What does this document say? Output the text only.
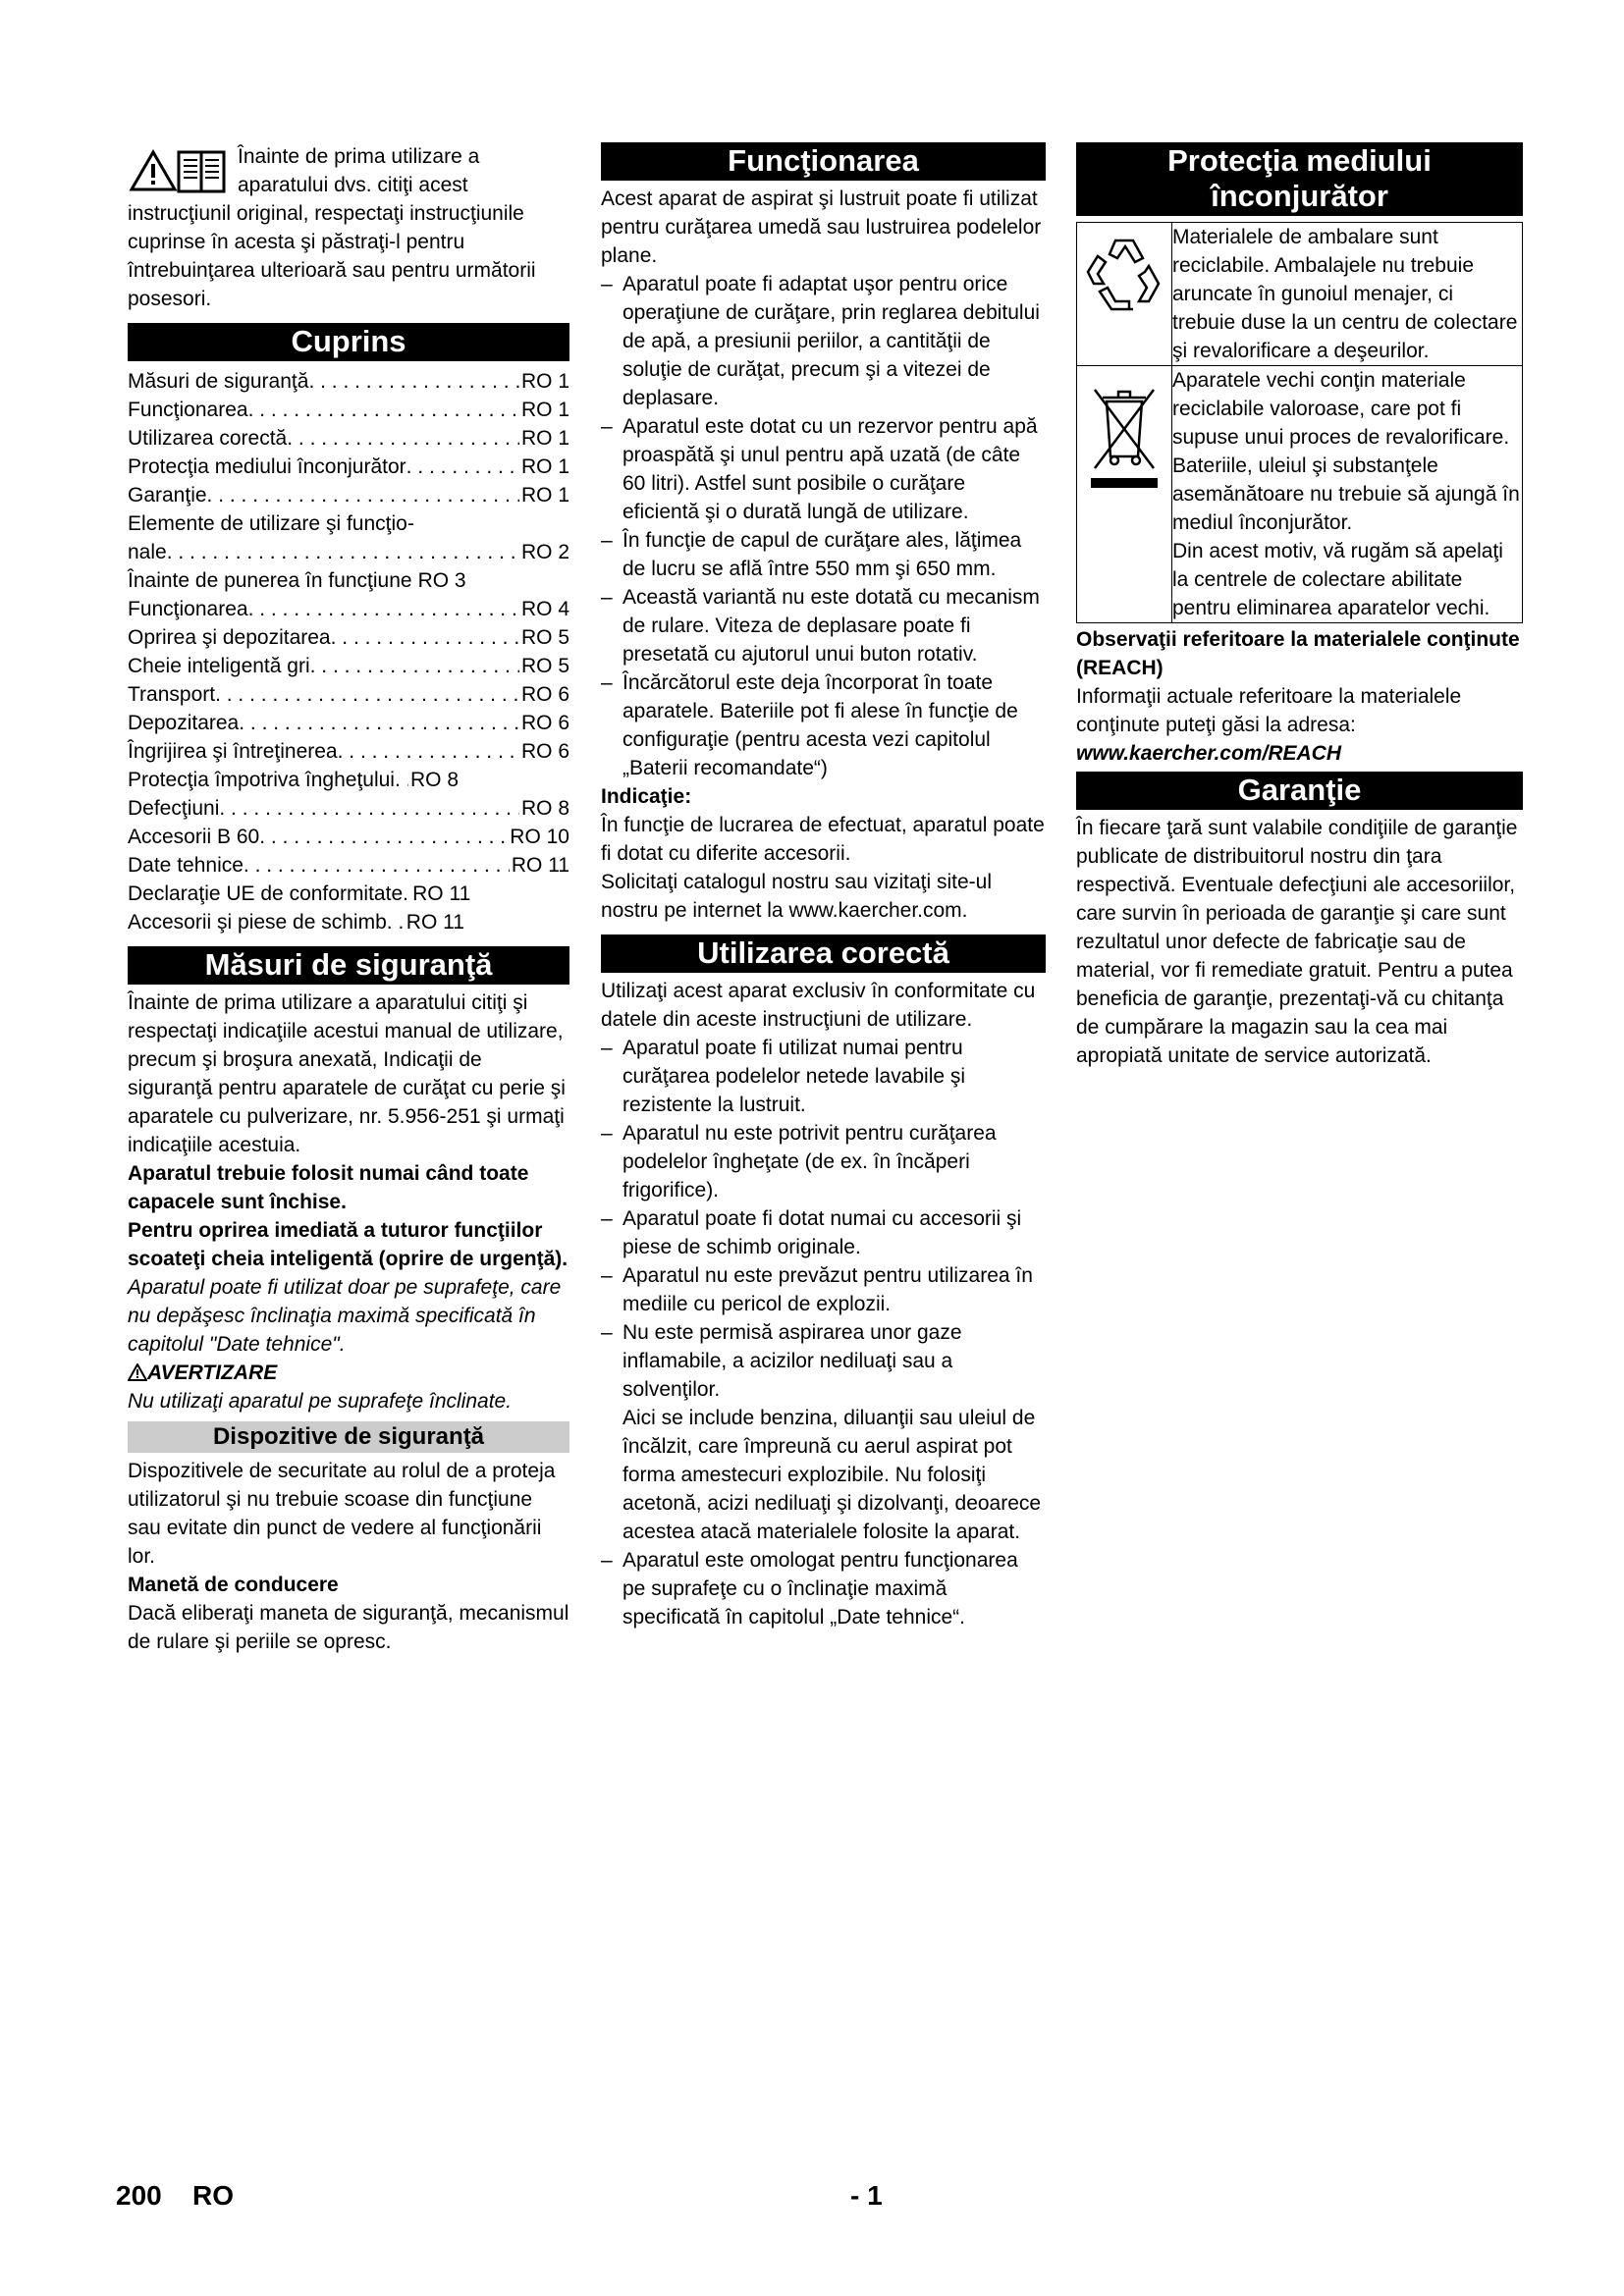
Înainte de prima utilizare a aparatului dvs. citiţi acest instrucţiunil original, respectaţi instrucţiunile cuprinse în acesta şi păstraţi-l pentru întrebuinţarea ulterioară sau pentru următorii posesori.

Cuprins
Măsuri de siguranţă . . .	RO 1
Funcţionarea . . .	RO 1
Utilizarea corectă . . .	RO 1
Protecţia mediului înconjurător . . .	RO 1
Garanţie . . .	RO 1
Elemente de utilizare şi funcţio-
nale . . .	RO 2
Înainte de punerea în funcţiune RO 3
Funcţionarea . . .	RO 4
Oprirea şi depozitarea . . .	RO 5
Cheie inteligentă gri . . .	RO 5
Transport . . .	RO 6
Depozitarea . . .	RO 6
Îngrijirea şi întreţinerea . . .	RO 6
Protecţia împotriva îngheţului . . . RO 8
Defecţiuni . . .	RO 8
Accesorii B 60 . . .	RO 10
Date tehnice . . .	RO 11
Declaraţie UE de conformitate . . . RO 11
Accesorii şi piese de schimb . . . RO 11
Măsuri de siguranţă

Înainte de prima utilizare a aparatului citiţi şi respectaţi indicaţiile acestui manual de utilizare, precum şi broşura anexată, Indicaţii de siguranţă pentru aparatele de curăţat cu perie şi aparatele cu pulverizare, nr. 5.956-251 şi urmaţi indicaţiile acestuia.

Aparatul trebuie folosit numai când toate capacele sunt închise.

Pentru oprirea imediată a tuturor funcţiilor scoateţi cheia inteligentă (oprire de urgenţă).

Aparatul poate fi utilizat doar pe suprafeţe, care nu depăşesc înclinaţia maximă specificată în capitolul "Date tehnice".

AVERTIZARE

Nu utilizaţi aparatul pe suprafeţe înclinate.

Dispozitive de siguranţă

Dispozitivele de securitate au rolul de a proteja utilizatorul şi nu trebuie scoase din funcţiune sau evitate din punct de vedere al funcţionării lor.

Manetă de conducere

Dacă eliberaţi maneta de siguranţă, mecanismul de rulare şi periile se opresc.

Funcţionarea

Acest aparat de aspirat şi lustruit poate fi utilizat pentru curăţarea umedă sau lustruirea podelelor plane.

– Aparatul poate fi adaptat uşor pentru orice operaţiune de curăţare, prin reglarea debitului de apă, a presiunii periilor, a cantităţii de soluţie de curăţat, precum şi a vitezei de deplasare.
– Aparatul este dotat cu un rezervor pentru apă proaspătă şi unul pentru apă uzată (de câte 60 litri). Astfel sunt posibile o curăţare eficientă şi o durată lungă de utilizare.
– În funcţie de capul de curăţare ales, lăţimea de lucru se află între 550 mm şi 650 mm.
– Această variantă nu este dotată cu mecanism de rulare. Viteza de deplasare poate fi presetată cu ajutorul unui buton rotativ.
– Încărcătorul este deja încorporat în toate aparatele. Bateriile pot fi alese în funcţie de configuraţie (pentru acesta vezi capitolul „Baterii recomandate“)

Indicaţie:

În funcţie de lucrarea de efectuat, aparatul poate fi dotat cu diferite accesorii.

Solicitaţi catalogul nostru sau vizitaţi site-ul nostru pe internet la www.kaercher.com.

Utilizarea corectă

Utilizaţi acest aparat exclusiv în conformitate cu datele din aceste instrucţiuni de utilizare.

– Aparatul poate fi utilizat numai pentru curăţarea podelelor netede lavabile şi rezistente la lustruit.
– Aparatul nu este potrivit pentru curăţarea podelelor îngheţate (de ex. în încăperi frigorifice).
– Aparatul poate fi dotat numai cu accesorii şi piese de schimb originale.
– Aparatul nu este prevăzut pentru utilizarea în mediile cu pericol de explozii.
– Nu este permisă aspirarea unor gaze inflamabile, a acizilor nediluaţi sau a solvenţilor.
Aici se include benzina, diluanţii sau uleiul de încălzit, care împreună cu aerul aspirat pot forma amestecuri explozibile. Nu folosiţi acetonă, acizi nediluaţi şi dizolvanţi, deoarece acestea atacă materialele folosite la aparat.
– Aparatul este omologat pentru funcţionarea pe suprafeţe cu o înclinaţie maximă specificată în capitolul „Date tehnice“.
Protecţia mediului
înconjurător
	Materialele de ambalare sunt reciclabile. Ambalajele nu trebuie aruncate în gunoiul menajer, ci trebuie duse la un centru de colectare şi revalorificare a deşeurilor.

Aparatele vechi conţin materiale reciclabile valoroase, care pot fi supuse unui proces de revalorificare. Bateriile, uleiul şi substanţele asemănătoare nu trebuie să ajungă în mediul înconjurător.

Din acest motiv, vă rugăm să apelaţi la centrele de colectare abilitate pentru eliminarea aparatelor vechi.

Observaţii referitoare la materialele conţinute (REACH)

Informaţii actuale referitoare la materialele conţinute puteţi găsi la adresa:

www.kaercher.com/REACH

Garanţie

În fiecare ţară sunt valabile condiţiile de garanţie publicate de distribuitorul nostru din ţara respectivă. Eventuale defecţiuni ale accesoriilor, care survin în perioada de garanţie şi care sunt rezultatul unor defecte de fabricaţie sau de material, vor fi remediate gratuit. Pentru a putea beneficia de garanţie, prezentaţi-vă cu chitanţa de cumpărare la magazin sau la cea mai apropiată unitate de service autorizată.

200 RO	- 1
